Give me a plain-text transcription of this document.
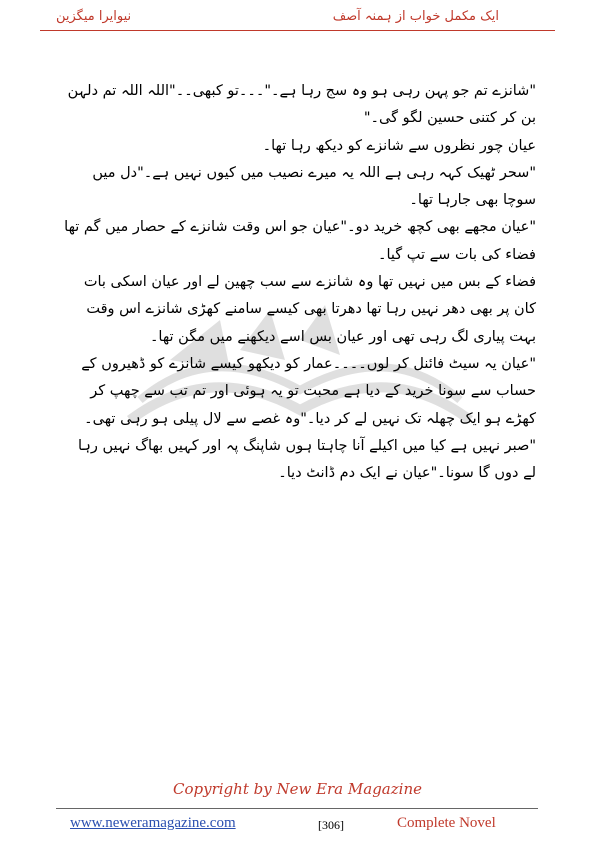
ایک مکمل خواب از ہمنہ آصف
نیوایرا میگزین

"شانزے تم جو پہن رہی ہو وہ سج رہا ہے۔"۔۔۔تو کبھی۔۔"اللہ اللہ تم دلہن بن کر کتنی حسین لگو گی۔"

عیان چور نظروں سے شانزے کو دیکھ رہا تھا۔

"سحر ٹھیک کہہ رہی ہے اللہ یہ میرے نصیب میں کیوں نہیں ہے۔"دل میں سوچا بھی جارہا تھا۔

"عیان مجھے بھی کچھ خرید دو۔"عیان جو اس وقت شانزے کے حصار میں گم تھا فضاء کی بات سے تپ گیا۔

فضاء کے بس میں نہیں تھا وہ شانزے سے سب چھین لے اور عیان اسکی بات کان پر بھی دھر نہیں رہا تھا دھرتا بھی کیسے سامنے کھڑی شانزے اس وقت بہت پیاری لگ رہی تھی اور عیان بس اسے دیکھنے میں مگن تھا۔

"عیان یہ سیٹ فائنل کر لوں۔۔۔۔عمار کو دیکھو کیسے شانزے کو ڈھیروں کے حساب سے سونا خرید کے دیا ہے محبت تو یہ ہوئی اور تم تب سے چھپ کر کھڑے ہو ایک چھلہ تک نہیں لے کر دیا۔"وہ غصے سے لال پیلی ہو رہی تھی۔

"صبر نہیں ہے کیا میں اکیلے آنا چاہتا ہوں شاپنگ پہ اور کہیں بھاگ نہیں رہا لے دوں گا سونا۔"عیان نے ایک دم ڈانٹ دیا۔

Copyright by New Era Magazine
www.neweramagazine.com	[306]	Complete Novel
